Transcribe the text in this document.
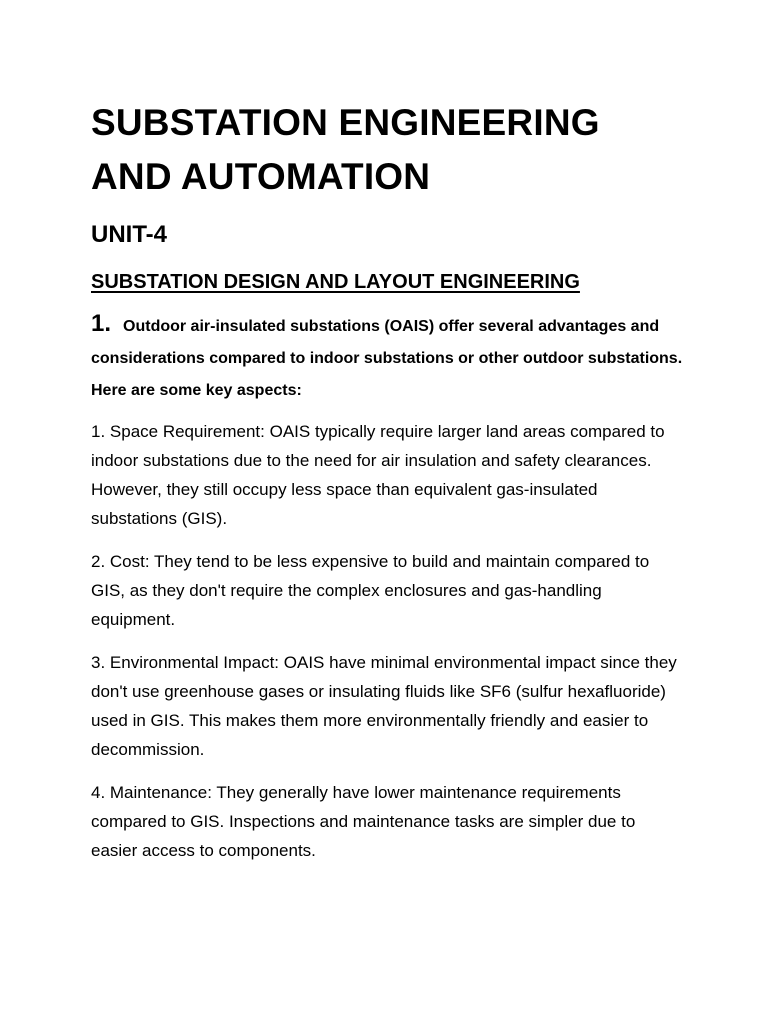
SUBSTATION ENGINEERING
AND AUTOMATION
UNIT-4
SUBSTATION DESIGN AND LAYOUT ENGINEERING

1. Outdoor air-insulated substations (OAIS) offer several advantages and considerations compared to indoor substations or other outdoor substations. Here are some key aspects:

1. Space Requirement: OAIS typically require larger land areas compared to indoor substations due to the need for air insulation and safety clearances. However, they still occupy less space than equivalent gas-insulated substations (GIS).

2. Cost: They tend to be less expensive to build and maintain compared to GIS, as they don't require the complex enclosures and gas-handling equipment.

3. Environmental Impact: OAIS have minimal environmental impact since they don't use greenhouse gases or insulating fluids like SF6 (sulfur hexafluoride) used in GIS. This makes them more environmentally friendly and easier to decommission.

4. Maintenance: They generally have lower maintenance requirements compared to GIS. Inspections and maintenance tasks are simpler due to easier access to components.
